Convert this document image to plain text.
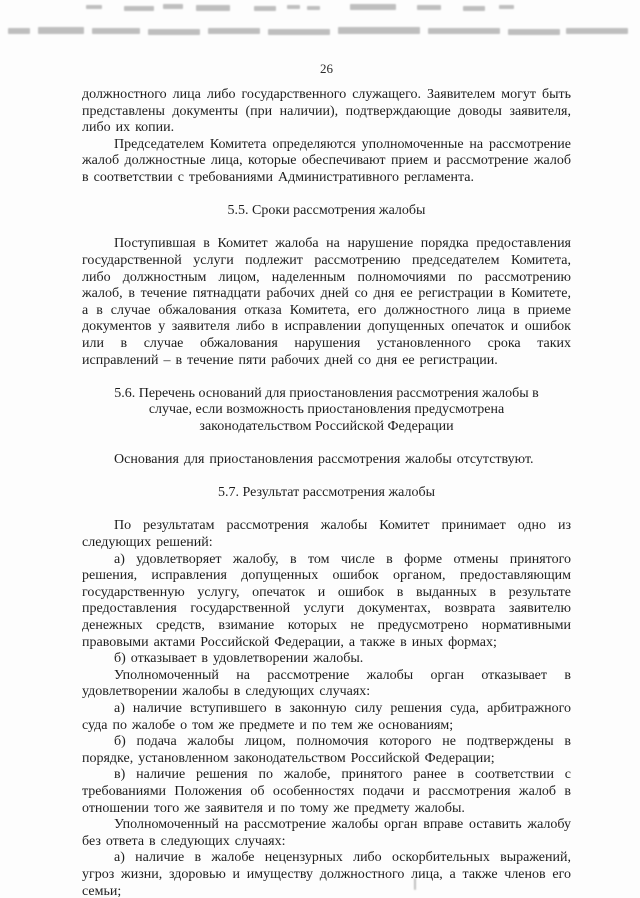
26

должностного лица либо государственного служащего. Заявителем могут быть представлены документы (при наличии), подтверждающие доводы заявителя, либо их копии.

Председателем Комитета определяются уполномоченные на рассмотрение жалоб должностные лица, которые обеспечивают прием и рассмотрение жалоб в соответствии с требованиями Административного регламента.

5.5. Сроки рассмотрения жалобы

Поступившая в Комитет жалоба на нарушение порядка предоставления государственной услуги подлежит рассмотрению председателем Комитета, либо должностным лицом, наделенным полномочиями по рассмотрению жалоб, в течение пятнадцати рабочих дней со дня ее регистрации в Комитете, а в случае обжалования отказа Комитета, его должностного лица в приеме документов у заявителя либо в исправлении допущенных опечаток и ошибок или в случае обжалования нарушения установленного срока таких исправлений – в течение пяти рабочих дней со дня ее регистрации.

5.6. Перечень оснований для приостановления рассмотрения жалобы в случае, если возможность приостановления предусмотрена законодательством Российской Федерации

Основания для приостановления рассмотрения жалобы отсутствуют.

5.7. Результат рассмотрения жалобы

По результатам рассмотрения жалобы Комитет принимает одно из следующих решений:

а) удовлетворяет жалобу, в том числе в форме отмены принятого решения, исправления допущенных ошибок органом, предоставляющим государственную услугу, опечаток и ошибок в выданных в результате предоставления государственной услуги документах, возврата заявителю денежных средств, взимание которых не предусмотрено нормативными правовыми актами Российской Федерации, а также в иных формах;

б) отказывает в удовлетворении жалобы.

Уполномоченный на рассмотрение жалобы орган отказывает в удовлетворении жалобы в следующих случаях:

а) наличие вступившего в законную силу решения суда, арбитражного суда по жалобе о том же предмете и по тем же основаниям;

б) подача жалобы лицом, полномочия которого не подтверждены в порядке, установленном законодательством Российской Федерации;

в) наличие решения по жалобе, принятого ранее в соответствии с требованиями Положения об особенностях подачи и рассмотрения жалоб в отношении того же заявителя и по тому же предмету жалобы.

Уполномоченный на рассмотрение жалобы орган вправе оставить жалобу без ответа в следующих случаях:

а) наличие в жалобе нецензурных либо оскорбительных выражений, угроз жизни, здоровью и имуществу должностного лица, а также членов его семьи;
